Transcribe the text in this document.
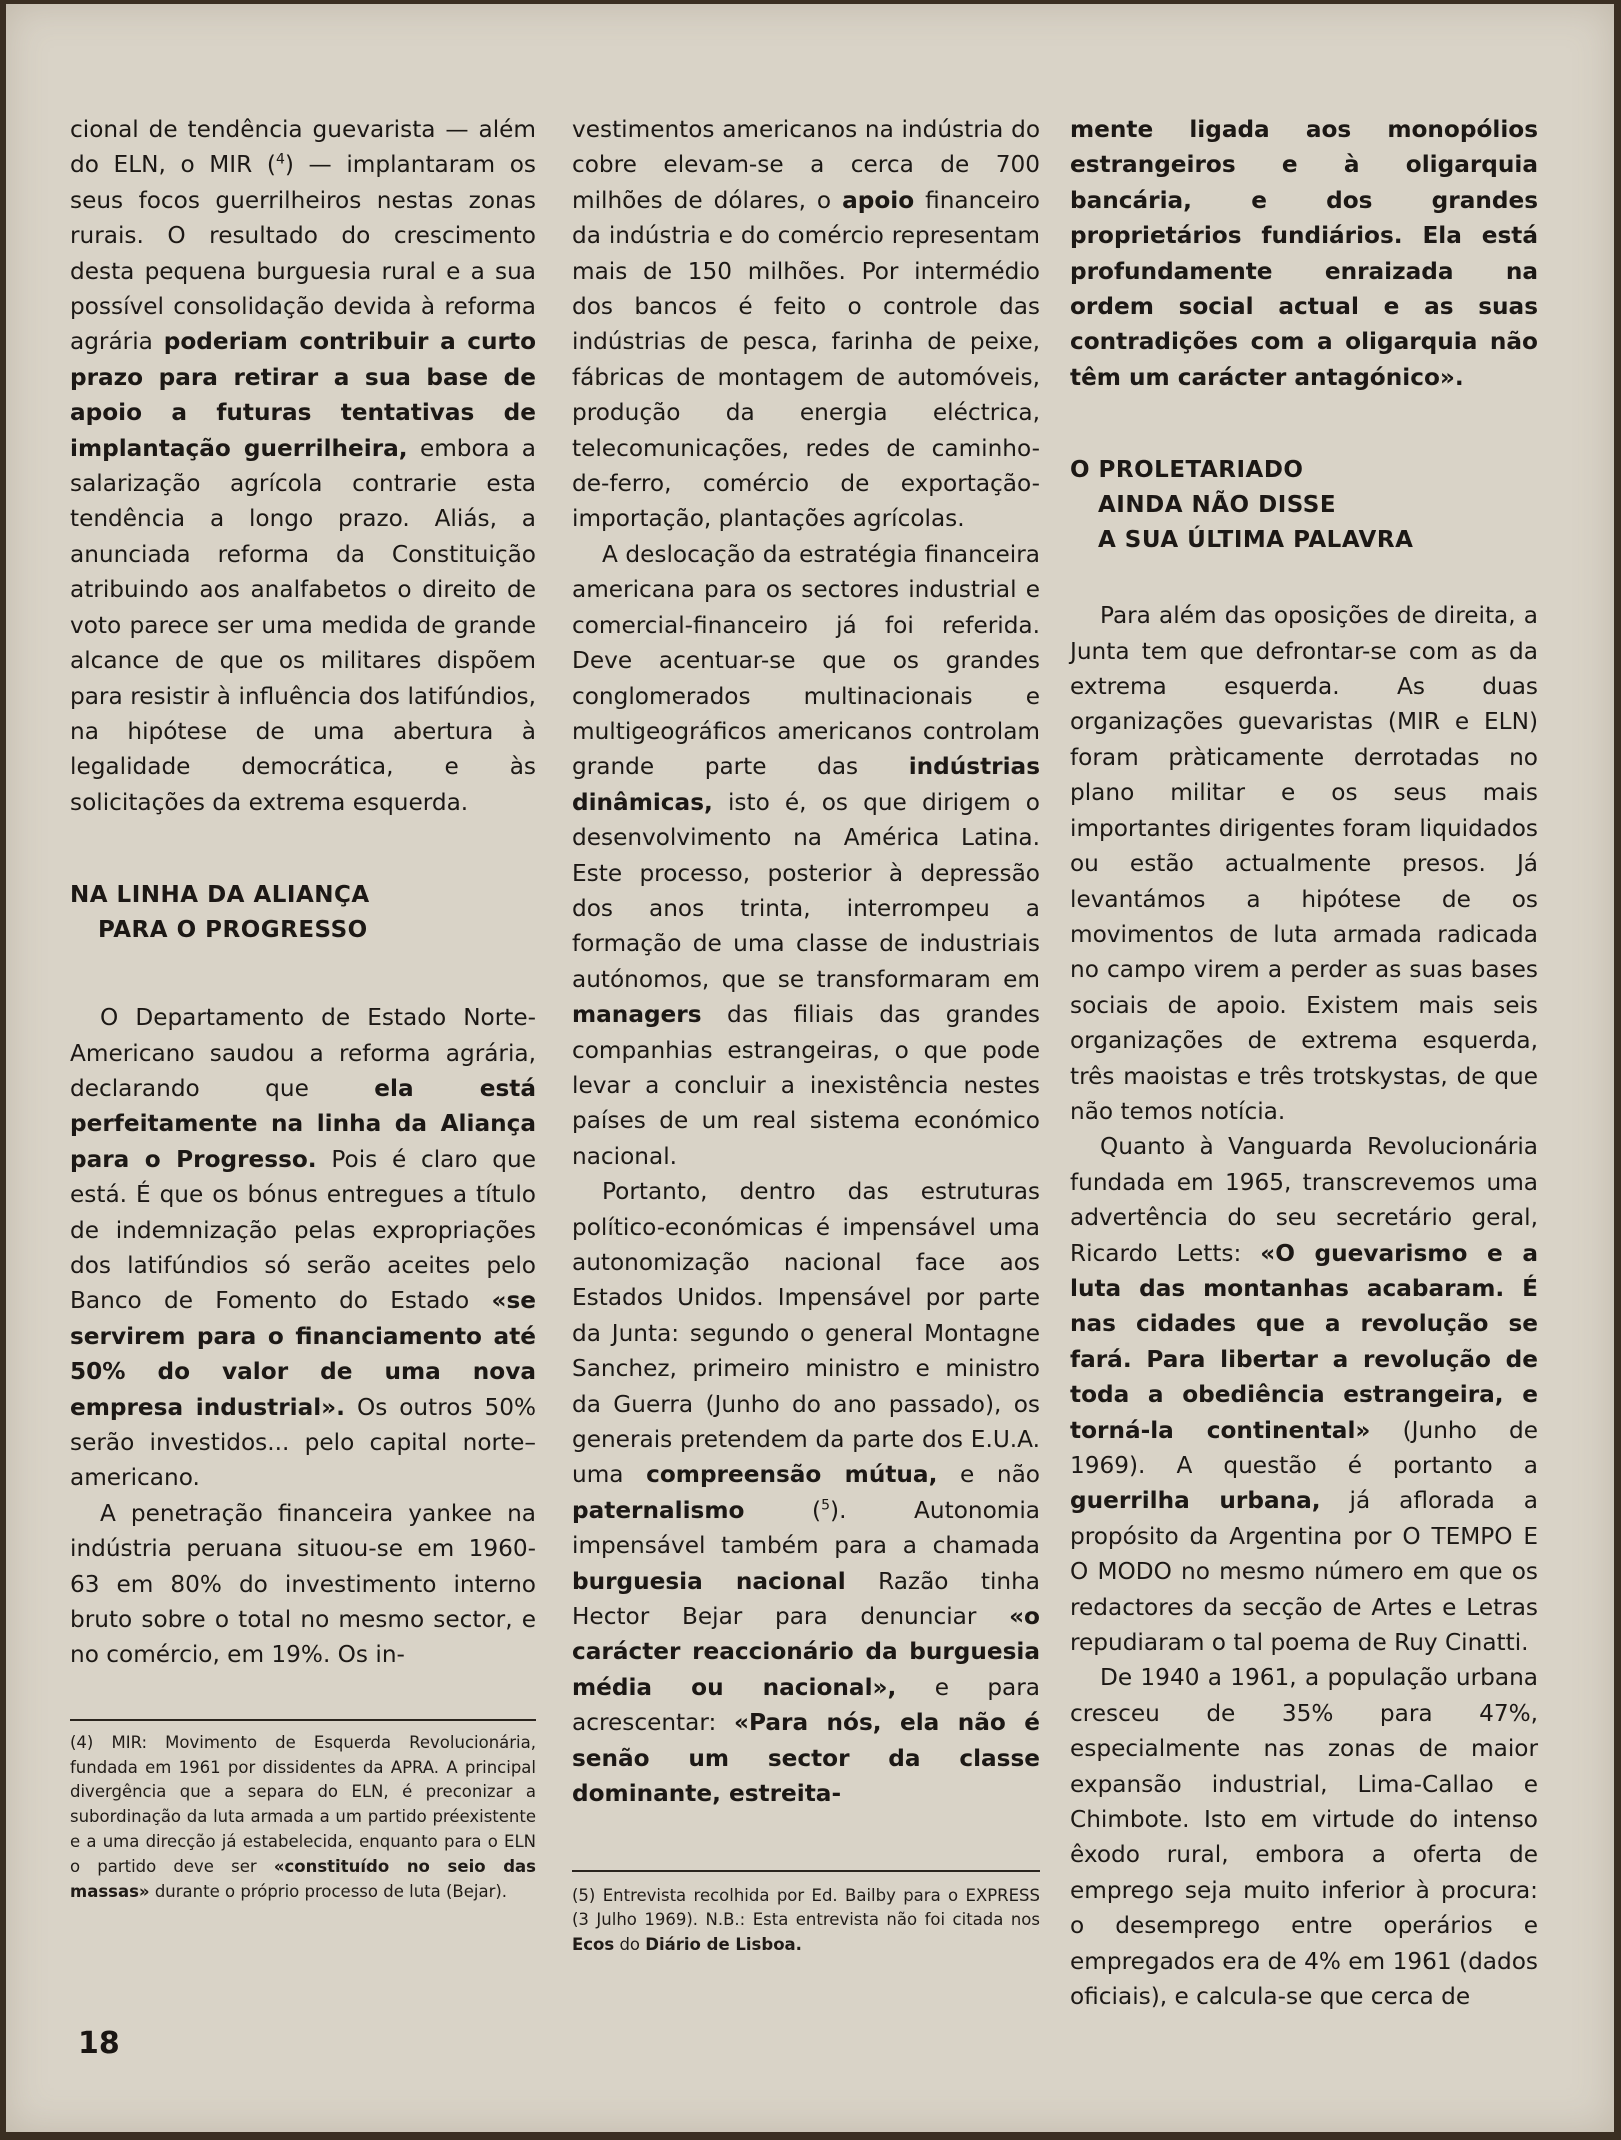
cional de tendência guevarista — além do ELN, o MIR ($^4$) — implantaram os seus focos guerrilheiros nestas zonas rurais. O resultado do crescimento desta pequena burguesia rural e a sua possível consolidação devida à reforma agrária poderiam contribuir a curto prazo para retirar a sua base de apoio a futuras tentativas de implantação guerrilheira, embora a salarização agrícola contrarie esta tendência a longo prazo. Aliás, a anunciada reforma da Constituição atribuindo aos analfabetos o direito de voto parece ser uma medida de grande alcance de que os militares dispõem para resistir à influência dos latifúndios, na hipótese de uma abertura à legalidade democrática, e às solicitações da extrema esquerda.

NA LINHA DA ALIANÇA
PARA O PROGRESSO

O Departamento de Estado Norte-Americano saudou a reforma agrária, declarando que ela está perfeitamente na linha da Aliança para o Progresso. Pois é claro que está. É que os bónus entregues a título de indemnização pelas expropriações dos latifúndios só serão aceites pelo Banco de Fomento do Estado «se servirem para o financiamento até 50% do valor de uma nova empresa industrial». Os outros 50% serão investidos... pelo capital norte–americano.

A penetração financeira yankee na indústria peruana situou-se em 1960-63 em 80% do investimento interno bruto sobre o total no mesmo sector, e no comércio, em 19%. Os in-

(4) MIR: Movimento de Esquerda Revolucionária, fundada em 1961 por dissidentes da APRA. A principal divergência que a separa do ELN, é preconizar a subordinação da luta armada a um partido préexistente e a uma direcção já estabelecida, enquanto para o ELN o partido deve ser «constituído no seio das massas» durante o próprio processo de luta (Bejar).

vestimentos americanos na indústria do cobre elevam-se a cerca de 700 milhões de dólares, o apoio financeiro da indústria e do comércio representam mais de 150 milhões. Por intermédio dos bancos é feito o controle das indústrias de pesca, farinha de peixe, fábricas de montagem de automóveis, produção da energia eléctrica, telecomunicações, redes de caminho-de-ferro, comércio de exportação-importação, plantações agrícolas.

A deslocação da estratégia financeira americana para os sectores industrial e comercial-financeiro já foi referida. Deve acentuar-se que os grandes conglomerados multinacionais e multigeográficos americanos controlam grande parte das indústrias dinâmicas, isto é, os que dirigem o desenvolvimento na América Latina. Este processo, posterior à depressão dos anos trinta, interrompeu a formação de uma classe de industriais autónomos, que se transformaram em managers das filiais das grandes companhias estrangeiras, o que pode levar a concluir a inexistência nestes países de um real sistema económico nacional.

Portanto, dentro das estruturas político-económicas é impensável uma autonomização nacional face aos Estados Unidos. Impensável por parte da Junta: segundo o general Montagne Sanchez, primeiro ministro e ministro da Guerra (Junho do ano passado), os generais pretendem da parte dos E.U.A. uma compreensão mútua, e não paternalismo ($^5$). Autonomia impensável também para a chamada burguesia nacional Razão tinha Hector Bejar para denunciar «o carácter reaccionário da burguesia média ou nacional», e para acrescentar: «Para nós, ela não é senão um sector da classe dominante, estreita-

(5) Entrevista recolhida por Ed. Bailby para o EXPRESS (3 Julho 1969). N.B.: Esta entrevista não foi citada nos Ecos do Diário de Lisboa.

mente ligada aos monopólios estrangeiros e à oligarquia bancária, e dos grandes proprietários fundiários. Ela está profundamente enraizada na ordem social actual e as suas contradições com a oligarquia não têm um carácter antagónico».

O PROLETARIADO
AINDA NÃO DISSE
A SUA ÚLTIMA PALAVRA

Para além das oposições de direita, a Junta tem que defrontar-se com as da extrema esquerda. As duas organizações guevaristas (MIR e ELN) foram pràticamente derrotadas no plano militar e os seus mais importantes dirigentes foram liquidados ou estão actualmente presos. Já levantámos a hipótese de os movimentos de luta armada radicada no campo virem a perder as suas bases sociais de apoio. Existem mais seis organizações de extrema esquerda, três maoistas e três trotskystas, de que não temos notícia.

Quanto à Vanguarda Revolucionária fundada em 1965, transcrevemos uma advertência do seu secretário geral, Ricardo Letts: «O guevarismo e a luta das montanhas acabaram. É nas cidades que a revolução se fará. Para libertar a revolução de toda a obediência estrangeira, e torná-la continental» (Junho de 1969). A questão é portanto a guerrilha urbana, já aflorada a propósito da Argentina por O TEMPO E O MODO no mesmo número em que os redactores da secção de Artes e Letras repudiaram o tal poema de Ruy Cinatti.

De 1940 a 1961, a população urbana cresceu de 35% para 47%, especialmente nas zonas de maior expansão industrial, Lima-Callao e Chimbote. Isto em virtude do intenso êxodo rural, embora a oferta de emprego seja muito inferior à procura: o desemprego entre operários e empregados era de 4% em 1961 (dados oficiais), e calcula-se que cerca de

18
